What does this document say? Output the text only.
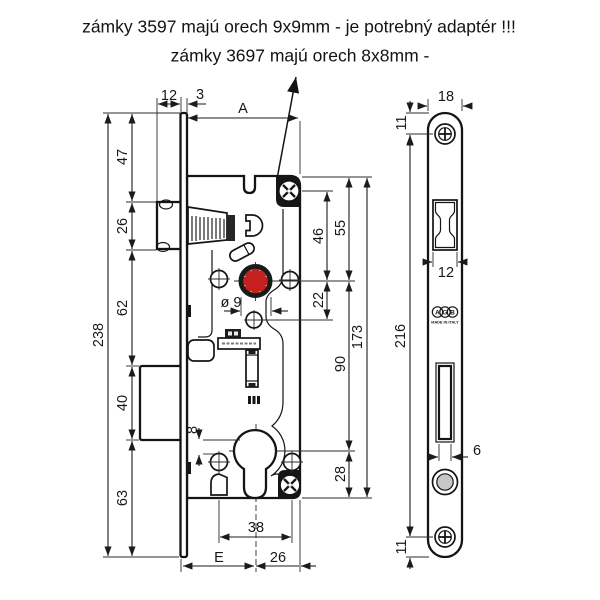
zámky 3597 majú orech 9x9mm - je potrebný adaptér !!!
zámky 3697 majú orech 8x8mm -
12 3
A
47
26
62
40
63
238
46
22
55
90
28
173
ø 9
8
38
E	26
A G B
MADE IN ITALY
18
11
216
12
6
11
